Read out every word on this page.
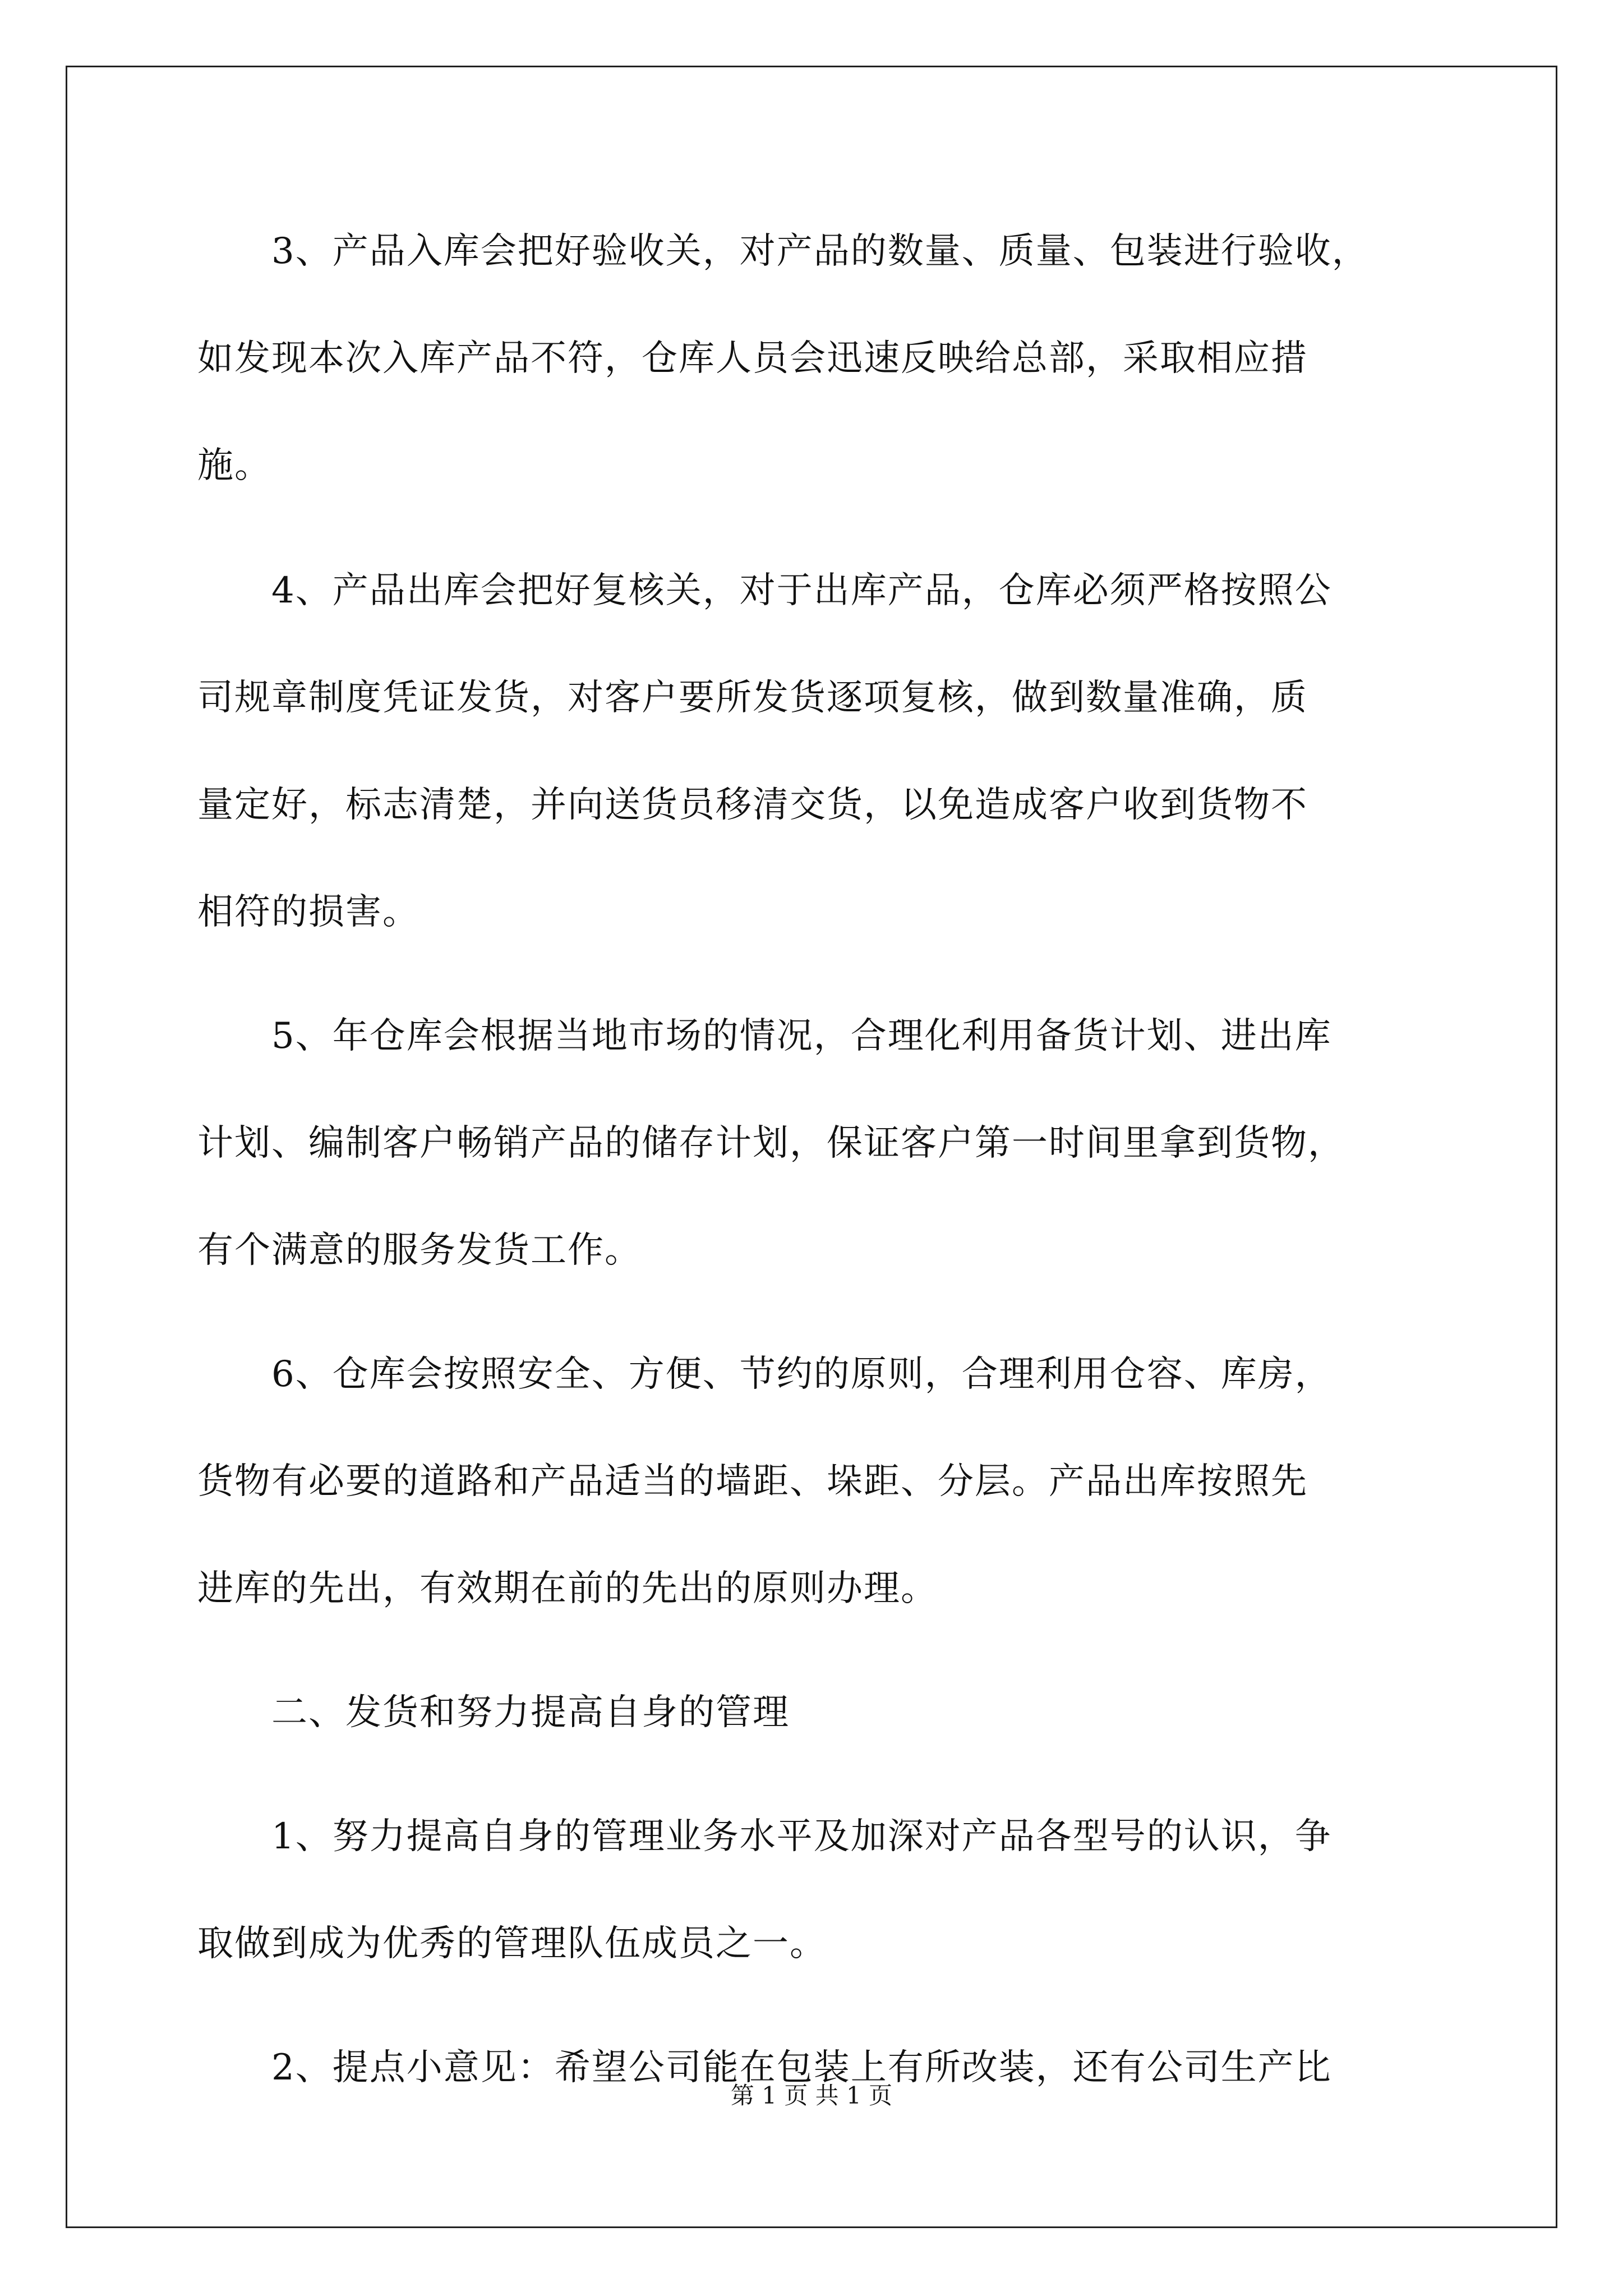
3、产品入库会把好验收关，对产品的数量、质量、包装进行验收，
如发现本次入库产品不符，仓库人员会迅速反映给总部，采取相应措
施。
4、产品出库会把好复核关，对于出库产品，仓库必须严格按照公
司规章制度凭证发货，对客户要所发货逐项复核，做到数量准确，质
量定好，标志清楚，并向送货员移清交货，以免造成客户收到货物不
相符的损害。
5、年仓库会根据当地市场的情况，合理化利用备货计划、进出库
计划、编制客户畅销产品的储存计划，保证客户第一时间里拿到货物，
有个满意的服务发货工作。
6、仓库会按照安全、方便、节约的原则，合理利用仓容、库房，
货物有必要的道路和产品适当的墙距、垛距、分层。产品出库按照先
进库的先出，有效期在前的先出的原则办理。
二、发货和努力提高自身的管理
1、努力提高自身的管理业务水平及加深对产品各型号的认识，争
取做到成为优秀的管理队伍成员之一。
2、提点小意见：希望公司能在包装上有所改装，还有公司生产比
第 1 页 共 1 页
